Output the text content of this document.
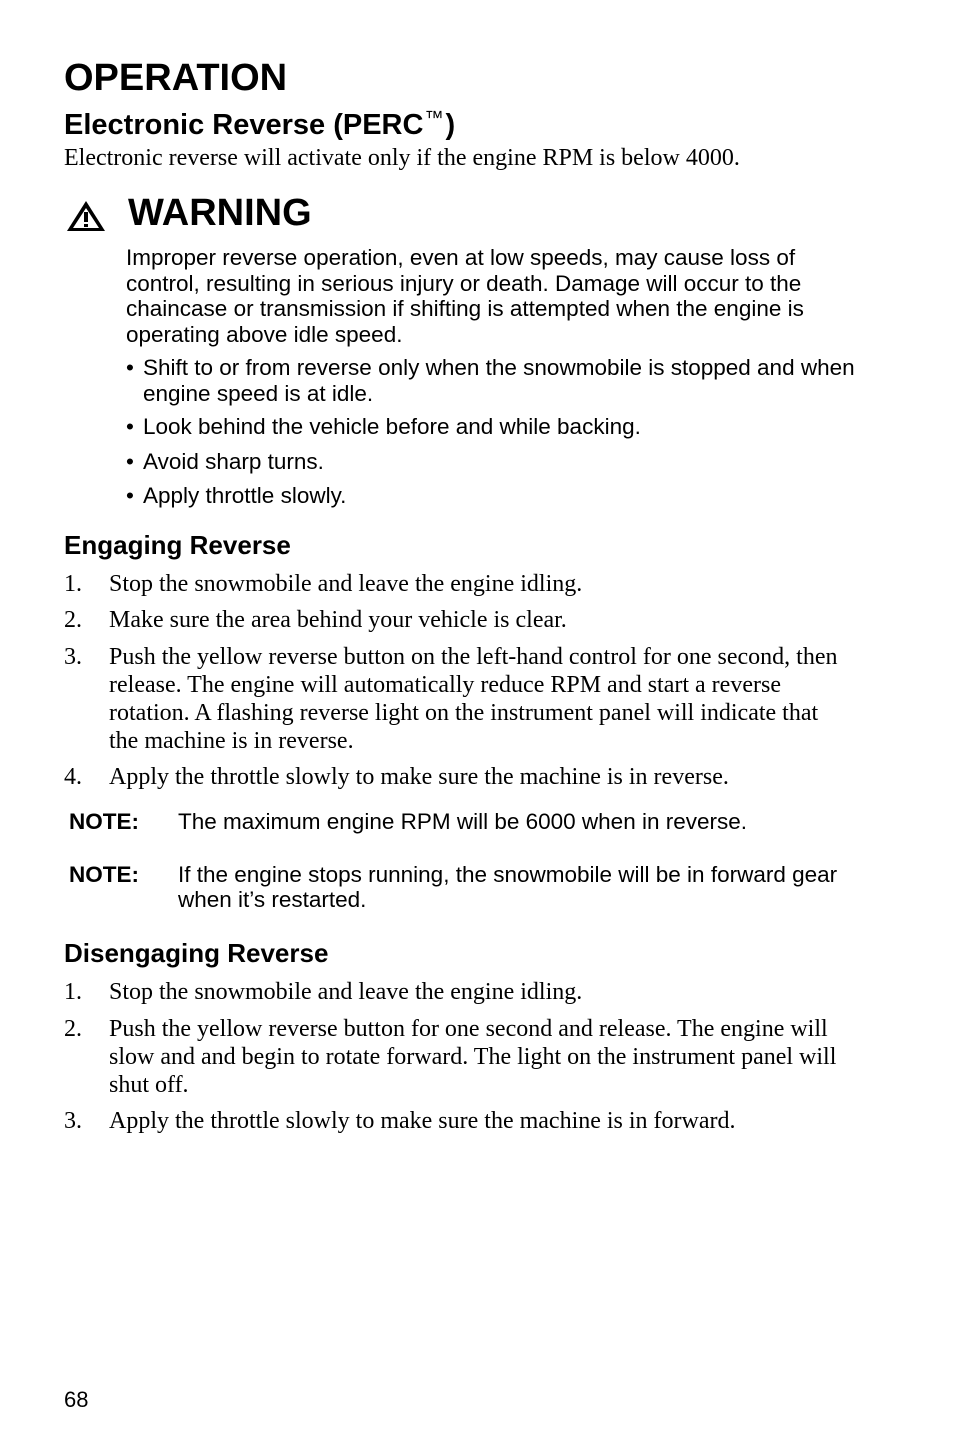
OPERATION
Electronic Reverse (PERC™)
Electronic reverse will activate only if the engine RPM is below 4000.
WARNING
Improper reverse operation, even at low speeds, may cause loss of control, resulting in serious injury or death. Damage will occur to the chaincase or transmission if shifting is attempted when the engine is operating above idle speed.
• Shift to or from reverse only when the snowmobile is stopped and when engine speed is at idle.
• Look behind the vehicle before and while backing.
• Avoid sharp turns.
• Apply throttle slowly.
Engaging Reverse
1. Stop the snowmobile and leave the engine idling.
2. Make sure the area behind your vehicle is clear.
3. Push the yellow reverse button on the left-hand control for one second, then release. The engine will automatically reduce RPM and start a reverse rotation. A flashing reverse light on the instrument panel will indicate that the machine is in reverse.
4. Apply the throttle slowly to make sure the machine is in reverse.
NOTE: The maximum engine RPM will be 6000 when in reverse.
NOTE: If the engine stops running, the snowmobile will be in forward gear when it’s restarted.
Disengaging Reverse
1. Stop the snowmobile and leave the engine idling.
2. Push the yellow reverse button for one second and release. The engine will slow and and begin to rotate forward. The light on the instrument panel will shut off.
3. Apply the throttle slowly to make sure the machine is in forward.
68
